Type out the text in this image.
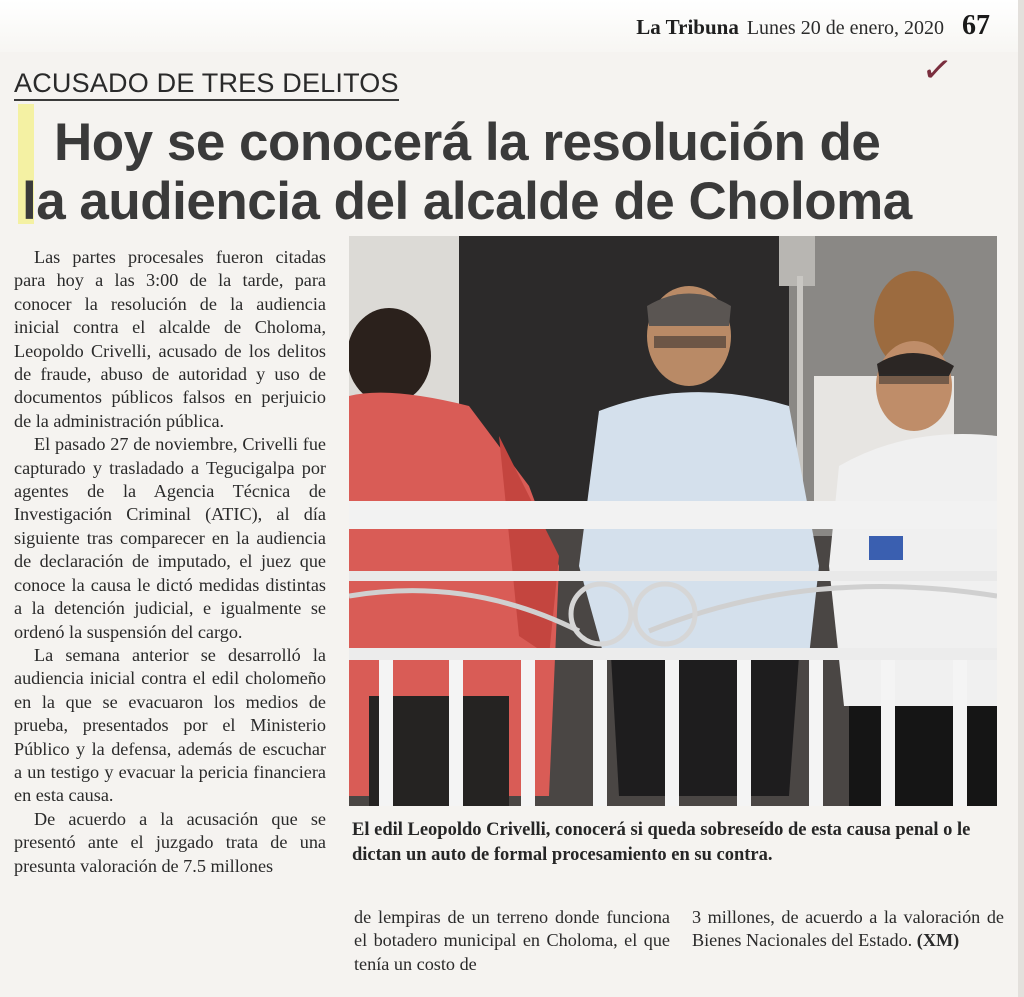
La Tribuna Lunes 20 de enero, 2020 67
✓
ACUSADO DE TRES DELITOS
Hoy se conocerá la resolución de
la audiencia del alcalde de Choloma

Las partes procesales fueron citadas para hoy a las 3:00 de la tarde, para conocer la resolución de la audiencia inicial contra el alcalde de Choloma, Leopoldo Crivelli, acusado de los delitos de fraude, abuso de autoridad y uso de documentos públicos falsos en perjuicio de la administración pública.

El pasado 27 de noviembre, Crivelli fue capturado y trasladado a Tegucigalpa por agentes de la Agencia Técnica de Investigación Criminal (ATIC), al día siguiente tras comparecer en la audiencia de declaración de imputado, el juez que conoce la causa le dictó medidas distintas a la detención judicial, e igualmente se ordenó la suspensión del cargo.

La semana anterior se desarrolló la audiencia inicial contra el edil cholomeño en la que se evacuaron los medios de prueba, presentados por el Ministerio Público y la defensa, además de escuchar a un testigo y evacuar la pericia financiera en esta causa.

De acuerdo a la acusación que se presentó ante el juzgado trata de una presunta valoración de 7.5 millones

El edil Leopoldo Crivelli, conocerá si queda sobreseído de esta causa penal o le dictan un auto de formal procesamiento en su contra.

de lempiras de un terreno donde funciona el botadero municipal en Choloma, el que tenía un costo de

3 millones, de acuerdo a la valoración de Bienes Nacionales del Estado. (XM)
